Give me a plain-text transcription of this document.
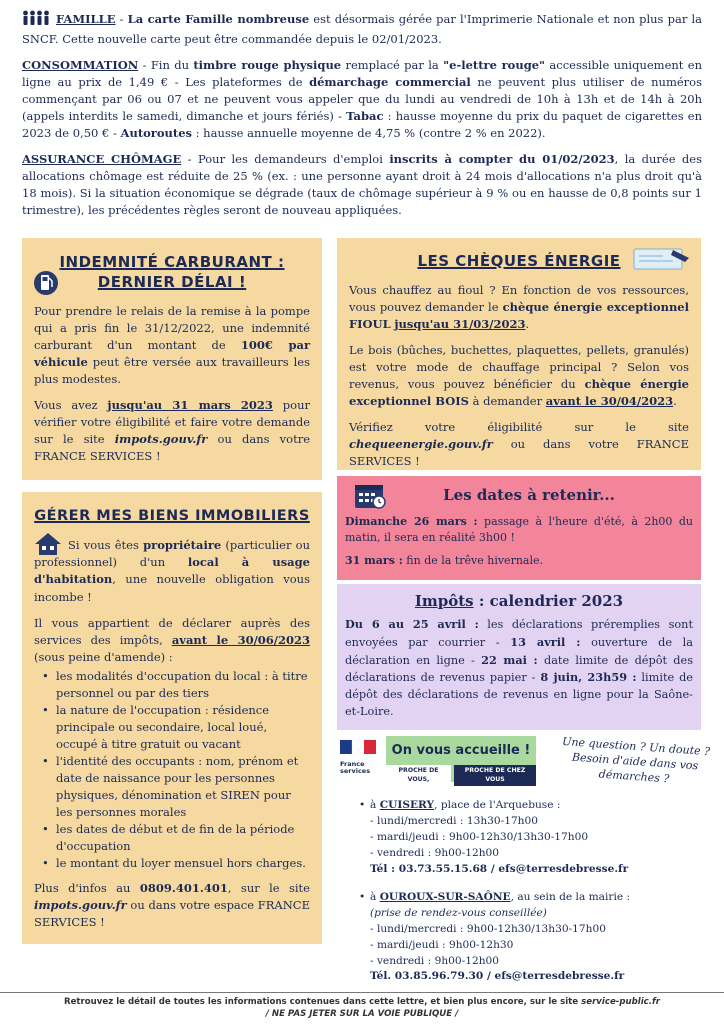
FAMILLE - La carte Famille nombreuse est désormais gérée par l'Imprimerie Nationale et non plus par la SNCF. Cette nouvelle carte peut être commandée depuis le 02/01/2023.

CONSOMMATION - Fin du timbre rouge physique remplacé par la "e-lettre rouge" accessible uniquement en ligne au prix de 1,49 € - Les plateformes de démarchage commercial ne peuvent plus utiliser de numéros commençant par 06 ou 07 et ne peuvent vous appeler que du lundi au vendredi de 10h à 13h et de 14h à 20h (appels interdits le samedi, dimanche et jours fériés) - Tabac : hausse moyenne du prix du paquet de cigarettes en 2023 de 0,50 € - Autoroutes : hausse annuelle moyenne de 4,75 % (contre 2 % en 2022).

ASSURANCE CHÔMAGE - Pour les demandeurs d'emploi inscrits à compter du 01/02/2023, la durée des allocations chômage est réduite de 25 % (ex. : une personne ayant droit à 24 mois d'allocations n'a plus droit qu'à 18 mois). Si la situation économique se dégrade (taux de chômage supérieur à 9 % ou en hausse de 0,8 points sur 1 trimestre), les précédentes règles seront de nouveau appliquées.

INDEMNITÉ CARBURANT :
DERNIER DÉLAI !

Pour prendre le relais de la remise à la pompe qui a pris fin le 31/12/2022, une indemnité carburant d'un montant de 100€ par véhicule peut être versée aux travailleurs les plus modestes.

Vous avez jusqu'au 31 mars 2023 pour vérifier votre éligibilité et faire votre demande sur le site impots.gouv.fr ou dans votre FRANCE SERVICES !

LES CHÈQUES ÉNERGIE

Vous chauffez au fioul ? En fonction de vos ressources, vous pouvez demander le chèque énergie exceptionnel FIOUL jusqu'au 31/03/2023.

Le bois (bûches, buchettes, plaquettes, pellets, granulés) est votre mode de chauffage principal ? Selon vos revenus, vous pouvez bénéficier du chèque énergie exceptionnel BOIS à demander avant le 30/04/2023.

Vérifiez votre éligibilité sur le site chequeenergie.gouv.fr ou dans votre FRANCE SERVICES !

Les dates à retenir...

Dimanche 26 mars : passage à l'heure d'été, à 2h00 du matin, il sera en réalité 3h00 !

31 mars : fin de la trêve hivernale.

Impôts : calendrier 2023

Du 6 au 25 avril : les déclarations préremplies sont envoyées par courrier - 13 avril : ouverture de la déclaration en ligne - 22 mai : date limite de dépôt des déclarations de revenus papier - 8 juin, 23h59 : limite de dépôt des déclarations de revenus en ligne pour la Saône-et-Loire.

GÉRER MES BIENS IMMOBILIERS

Si vous êtes propriétaire (particulier ou professionnel) d'un local à usage d'habitation, une nouvelle obligation vous incombe !

Il vous appartient de déclarer auprès des services des impôts, avant le 30/06/2023 (sous peine d'amende) :

• les modalités d'occupation du local : à titre personnel ou par des tiers
• la nature de l'occupation : résidence principale ou secondaire, local loué, occupé à titre gratuit ou vacant
• l'identité des occupants : nom, prénom et date de naissance pour les personnes physiques, dénomination et SIREN pour les personnes morales
• les dates de début et de fin de la période d'occupation
• le montant du loyer mensuel hors charges.

Plus d'infos au 0809.401.401, sur le site impots.gouv.fr ou dans votre espace FRANCE SERVICES !

France
services
On vous accueille !
PROCHE DE VOUS,
PROCHE DE CHEZ VOUS
Une question ? Un doute ? Besoin d'aide dans vos démarches ?
• à CUISERY, place de l'Arquebuse :
- lundi/mercredi : 13h30-17h00
- mardi/jeudi : 9h00-12h30/13h30-17h00
- vendredi : 9h00-12h00
Tél : 03.73.55.15.68 / efs@terresdebresse.fr
• à OUROUX-SUR-SAÔNE, au sein de la mairie :
(prise de rendez-vous conseillée)
- lundi/mercredi : 9h00-12h30/13h30-17h00
- mardi/jeudi : 9h00-12h30
- vendredi : 9h00-12h00
Tél. 03.85.96.79.30 / efs@terresdebresse.fr
Retrouvez le détail de toutes les informations contenues dans cette lettre, et bien plus encore, sur le site service-public.fr
/ NE PAS JETER SUR LA VOIE PUBLIQUE /
